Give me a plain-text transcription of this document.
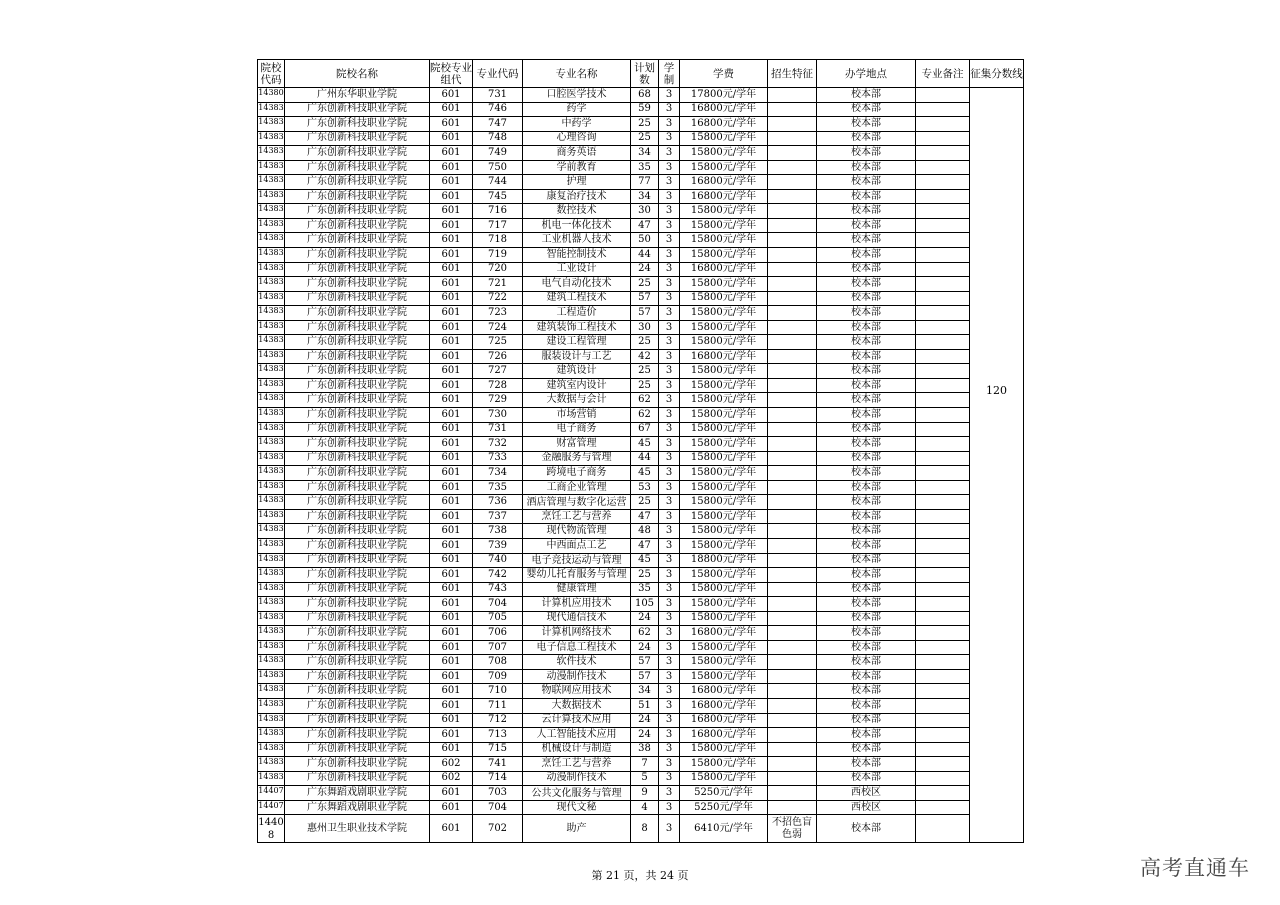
院校代码	院校名称	院校专业组代	专业代码	专业名称	计划数	学制	学费	招生特征	办学地点	专业备注	征集分数线
14380	广州东华职业学院	601	731	口腔医学技术	68	3	17800元/学年		校本部		120
14383	广东创新科技职业学院	601	746	药学	59	3	16800元/学年		校本部		
14383	广东创新科技职业学院	601	747	中药学	25	3	16800元/学年		校本部		
14383	广东创新科技职业学院	601	748	心理咨询	25	3	15800元/学年		校本部		
14383	广东创新科技职业学院	601	749	商务英语	34	3	15800元/学年		校本部		
14383	广东创新科技职业学院	601	750	学前教育	35	3	15800元/学年		校本部		
14383	广东创新科技职业学院	601	744	护理	77	3	16800元/学年		校本部		
14383	广东创新科技职业学院	601	745	康复治疗技术	34	3	16800元/学年		校本部		
14383	广东创新科技职业学院	601	716	数控技术	30	3	15800元/学年		校本部		
14383	广东创新科技职业学院	601	717	机电一体化技术	47	3	15800元/学年		校本部		
14383	广东创新科技职业学院	601	718	工业机器人技术	50	3	15800元/学年		校本部		
14383	广东创新科技职业学院	601	719	智能控制技术	44	3	15800元/学年		校本部		
14383	广东创新科技职业学院	601	720	工业设计	24	3	16800元/学年		校本部		
14383	广东创新科技职业学院	601	721	电气自动化技术	25	3	15800元/学年		校本部		
14383	广东创新科技职业学院	601	722	建筑工程技术	57	3	15800元/学年		校本部		
14383	广东创新科技职业学院	601	723	工程造价	57	3	15800元/学年		校本部		
14383	广东创新科技职业学院	601	724	建筑装饰工程技术	30	3	15800元/学年		校本部		
14383	广东创新科技职业学院	601	725	建设工程管理	25	3	15800元/学年		校本部		
14383	广东创新科技职业学院	601	726	服装设计与工艺	42	3	16800元/学年		校本部		
14383	广东创新科技职业学院	601	727	建筑设计	25	3	15800元/学年		校本部		
14383	广东创新科技职业学院	601	728	建筑室内设计	25	3	15800元/学年		校本部		
14383	广东创新科技职业学院	601	729	大数据与会计	62	3	15800元/学年		校本部		
14383	广东创新科技职业学院	601	730	市场营销	62	3	15800元/学年		校本部		
14383	广东创新科技职业学院	601	731	电子商务	67	3	15800元/学年		校本部		
14383	广东创新科技职业学院	601	732	财富管理	45	3	15800元/学年		校本部		
14383	广东创新科技职业学院	601	733	金融服务与管理	44	3	15800元/学年		校本部		
14383	广东创新科技职业学院	601	734	跨境电子商务	45	3	15800元/学年		校本部		
14383	广东创新科技职业学院	601	735	工商企业管理	53	3	15800元/学年		校本部		
14383	广东创新科技职业学院	601	736	酒店管理与数字化运营	25	3	15800元/学年		校本部		
14383	广东创新科技职业学院	601	737	烹饪工艺与营养	47	3	15800元/学年		校本部		
14383	广东创新科技职业学院	601	738	现代物流管理	48	3	15800元/学年		校本部		
14383	广东创新科技职业学院	601	739	中西面点工艺	47	3	15800元/学年		校本部		
14383	广东创新科技职业学院	601	740	电子竞技运动与管理	45	3	18800元/学年		校本部		
14383	广东创新科技职业学院	601	742	婴幼儿托育服务与管理	25	3	15800元/学年		校本部		
14383	广东创新科技职业学院	601	743	健康管理	35	3	15800元/学年		校本部		
14383	广东创新科技职业学院	601	704	计算机应用技术	105	3	15800元/学年		校本部		
14383	广东创新科技职业学院	601	705	现代通信技术	24	3	15800元/学年		校本部		
14383	广东创新科技职业学院	601	706	计算机网络技术	62	3	16800元/学年		校本部		
14383	广东创新科技职业学院	601	707	电子信息工程技术	24	3	15800元/学年		校本部		
14383	广东创新科技职业学院	601	708	软件技术	57	3	15800元/学年		校本部		
14383	广东创新科技职业学院	601	709	动漫制作技术	57	3	15800元/学年		校本部		
14383	广东创新科技职业学院	601	710	物联网应用技术	34	3	16800元/学年		校本部		
14383	广东创新科技职业学院	601	711	大数据技术	51	3	16800元/学年		校本部		
14383	广东创新科技职业学院	601	712	云计算技术应用	24	3	16800元/学年		校本部		
14383	广东创新科技职业学院	601	713	人工智能技术应用	24	3	16800元/学年		校本部		
14383	广东创新科技职业学院	601	715	机械设计与制造	38	3	15800元/学年		校本部		
14383	广东创新科技职业学院	602	741	烹饪工艺与营养	7	3	15800元/学年		校本部		
14383	广东创新科技职业学院	602	714	动漫制作技术	5	3	15800元/学年		校本部		
14407	广东舞蹈戏剧职业学院	601	703	公共文化服务与管理	9	3	5250元/学年		西校区		
14407	广东舞蹈戏剧职业学院	601	704	现代文秘	4	3	5250元/学年		西校区		
14408	惠州卫生职业技术学院	601	702	助产	8	3	6410元/学年	不招色盲色弱	校本部		
第 21 页，共 24 页	高考直通车
